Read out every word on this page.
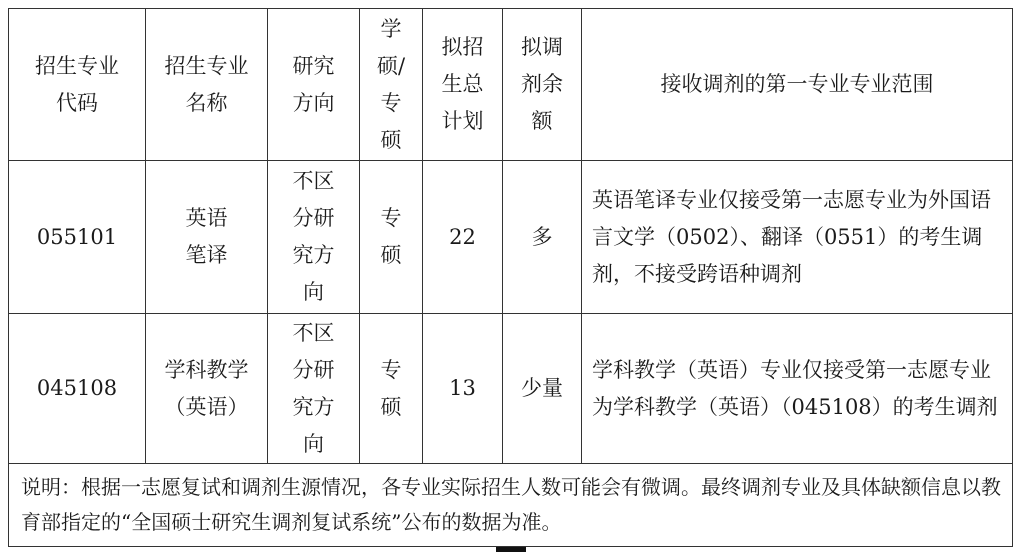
招生专业代码	招生专业名称	研究方向	学硕/专硕	拟招生总计划	拟调剂余额	接收调剂的第一专业专业范围
055101	英语笔译	不区分研究方向	专硕	22	多	英语笔译专业仅接受第一志愿专业为外国语言文学（0502）、翻译（0551）的考生调剂，不接受跨语种调剂
045108	学科教学（英语）	不区分研究方向	专硕	13	少量	学科教学（英语）专业仅接受第一志愿专业为学科教学（英语）（045108）的考生调剂
说明：根据一志愿复试和调剂生源情况，各专业实际招生人数可能会有微调。最终调剂专业及具体缺额信息以教育部指定的“全国硕士研究生调剂复试系统”公布的数据为准。						
